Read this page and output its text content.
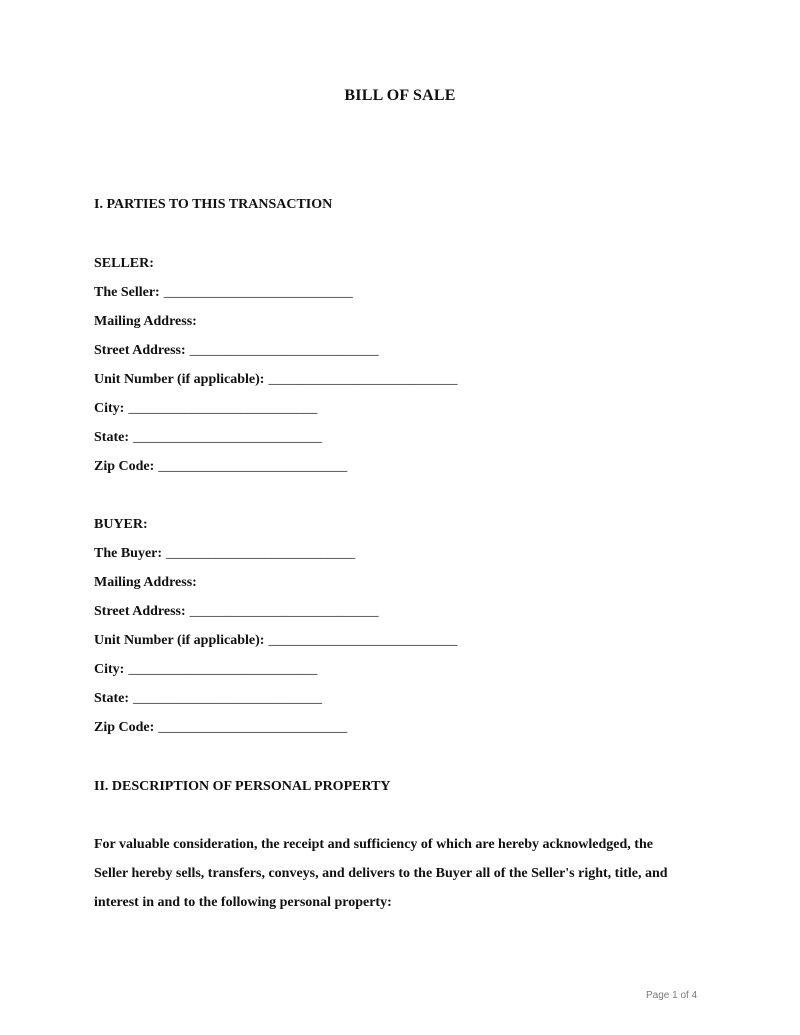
BILL OF SALE
I. PARTIES TO THIS TRANSACTION
SELLER:
The Seller: ___________________________
Mailing Address:
Street Address: ___________________________
Unit Number (if applicable): ___________________________
City: ___________________________
State: ___________________________
Zip Code: ___________________________
BUYER:
The Buyer: ___________________________
Mailing Address:
Street Address: ___________________________
Unit Number (if applicable): ___________________________
City: ___________________________
State: ___________________________
Zip Code: ___________________________
II. DESCRIPTION OF PERSONAL PROPERTY
For valuable consideration, the receipt and sufficiency of which are hereby acknowledged, the
Seller hereby sells, transfers, conveys, and delivers to the Buyer all of the Seller's right, title, and
interest in and to the following personal property:
Page 1 of 4
